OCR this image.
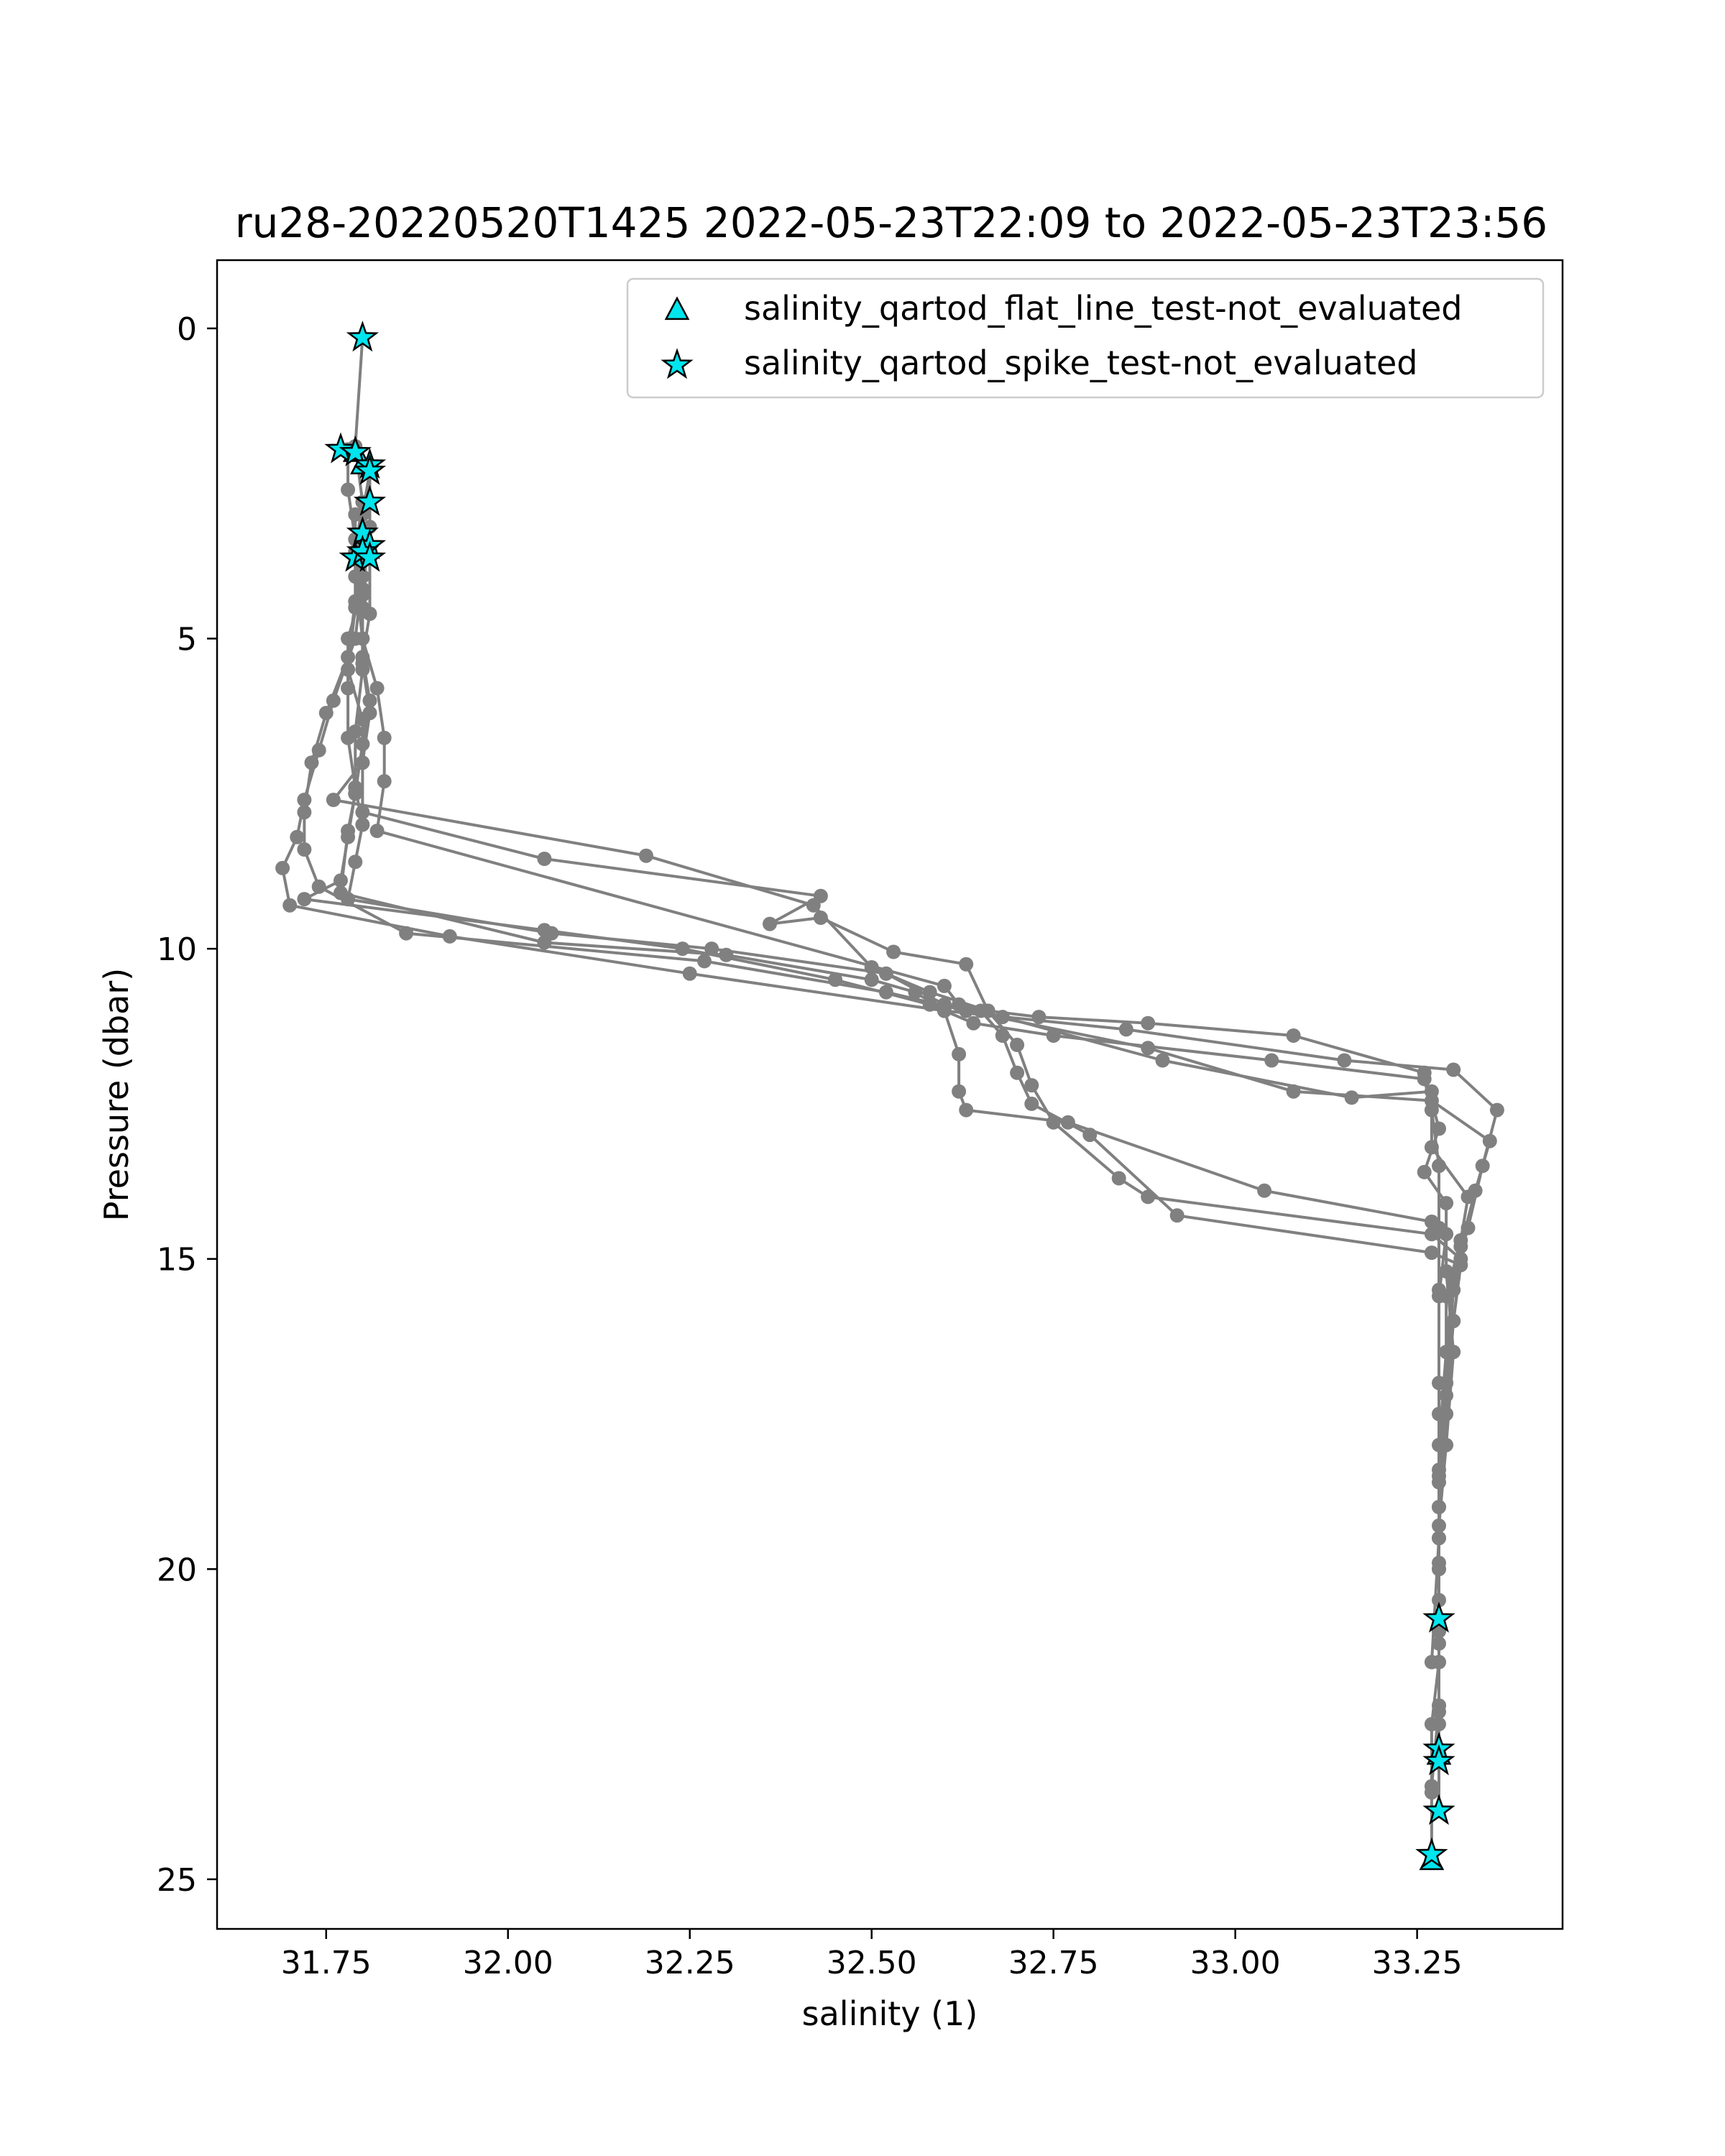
ru28-20220520T1425 2022-05-23T22:09 to 2022-05-23T23:56
31.75	32.00	32.25	32.50	32.75	33.00	33.25
0
5
10
15
20
25
salinity (1)
Pressure (dbar)
salinity_qartod_flat_line_test-not_evaluated
salinity_qartod_spike_test-not_evaluated
